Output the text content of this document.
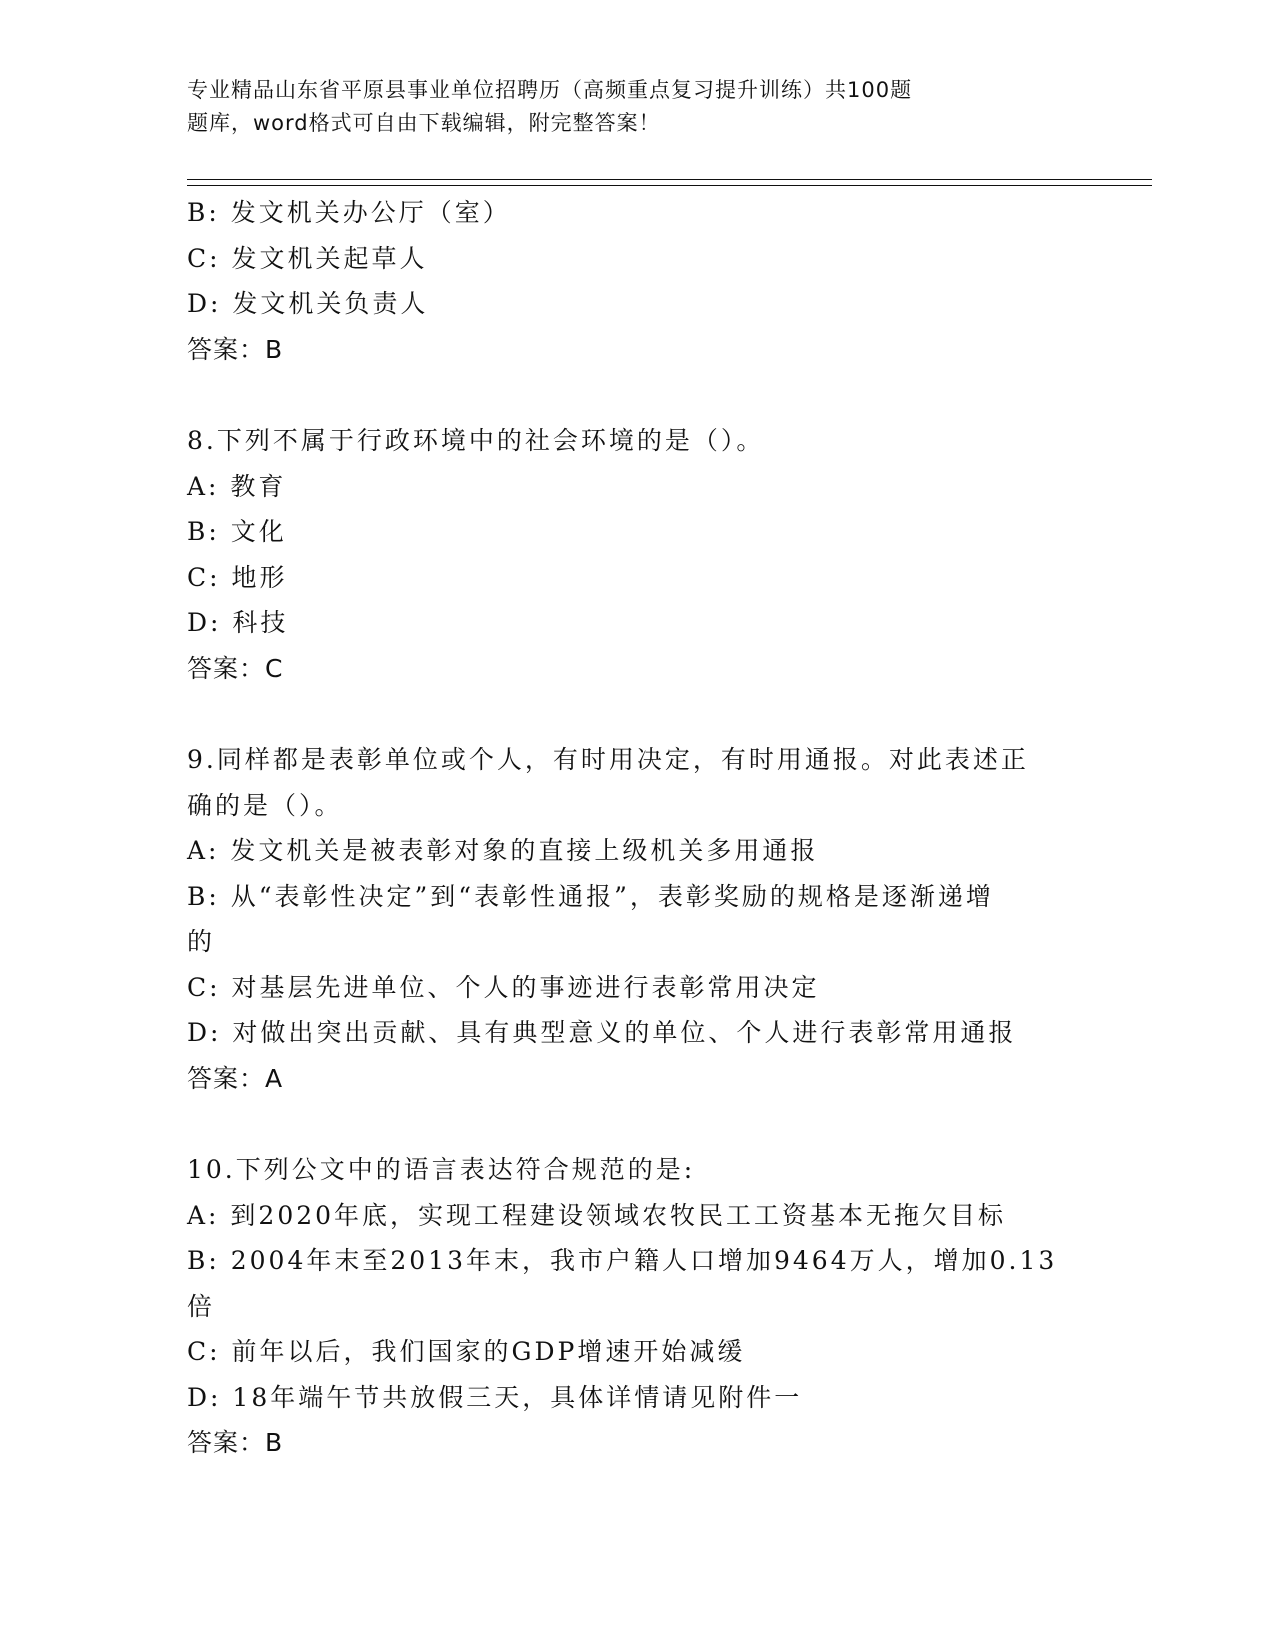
专业精品山东省平原县事业单位招聘历（高频重点复习提升训练）共100题
题库，word格式可自由下载编辑，附完整答案！
B: 发文机关办公厅（室）
C: 发文机关起草人
D: 发文机关负责人
答案：B
8.下列不属于行政环境中的社会环境的是（）。
A: 教育
B: 文化
C: 地形
D: 科技
答案：C
9.同样都是表彰单位或个人，有时用决定，有时用通报。对此表述正
确的是（）。
A: 发文机关是被表彰对象的直接上级机关多用通报
B: 从“表彰性决定”到“表彰性通报”，表彰奖励的规格是逐渐递增
的
C: 对基层先进单位、个人的事迹进行表彰常用决定
D: 对做出突出贡献、具有典型意义的单位、个人进行表彰常用通报
答案：A
10.下列公文中的语言表达符合规范的是:
A: 到2020年底，实现工程建设领域农牧民工工资基本无拖欠目标
B: 2004年末至2013年末，我市户籍人口增加9464万人，增加0.13
倍
C: 前年以后，我们国家的GDP增速开始减缓
D: 18年端午节共放假三天，具体详情请见附件一
答案：B
